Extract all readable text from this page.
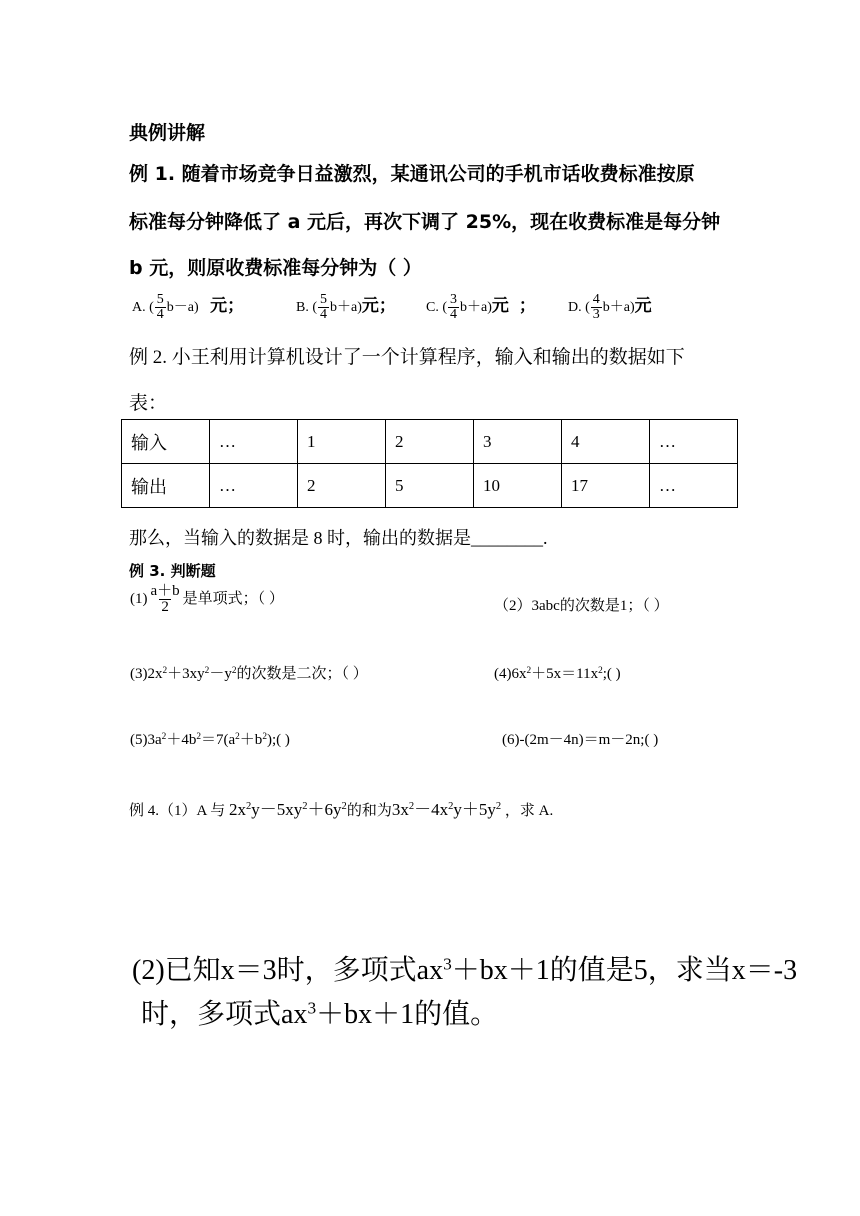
典例讲解
例 1. 随着市场竞争日益激烈，某通讯公司的手机市话收费标准按原
标准每分钟降低了 a 元后，再次下调了 25%，现在收费标准是每分钟
b 元，则原收费标准每分钟为（ ）
A. ( $\frac{5}{4} b-a$) 元；	B. ( $\frac{5}{4} b+a$)元； C. ( $\frac{3}{4} b+a$)元 ； D. ( $\frac{4}{3} b+a$)元
例 2. 小王利用计算机设计了一个计算程序，输入和输出的数据如下
表：
输入	…	1	2	3	4	…
输出	…	2	5	10	17	…
那么，当输入的数据是 8 时，输出的数据是________.
例 3. 判断题
$(1) \frac{a+b}{2}$ 是单项式；（ ）	（2）3abc的次数是1；（ ）
$(3)2x^2+3xy^2-y^2$的次数是二次；（ ）	$(4)6x^2+5x=11x^2$;( )
$(5)3a^2+4b^2=7(a^2+b^2)$;( )	(6)-(2m－4n)＝m－2n;( )
例 4.（1）A 与 $2x^2y-5xy^2+6y^2$的和为$3x^2-4x^2y+5y^2$ ，求 A.
(2)已知x＝3时，多项式$ax^3+bx+1$的值是5，求当x＝-3
时，多项式$ax^3+bx+1$的值。
